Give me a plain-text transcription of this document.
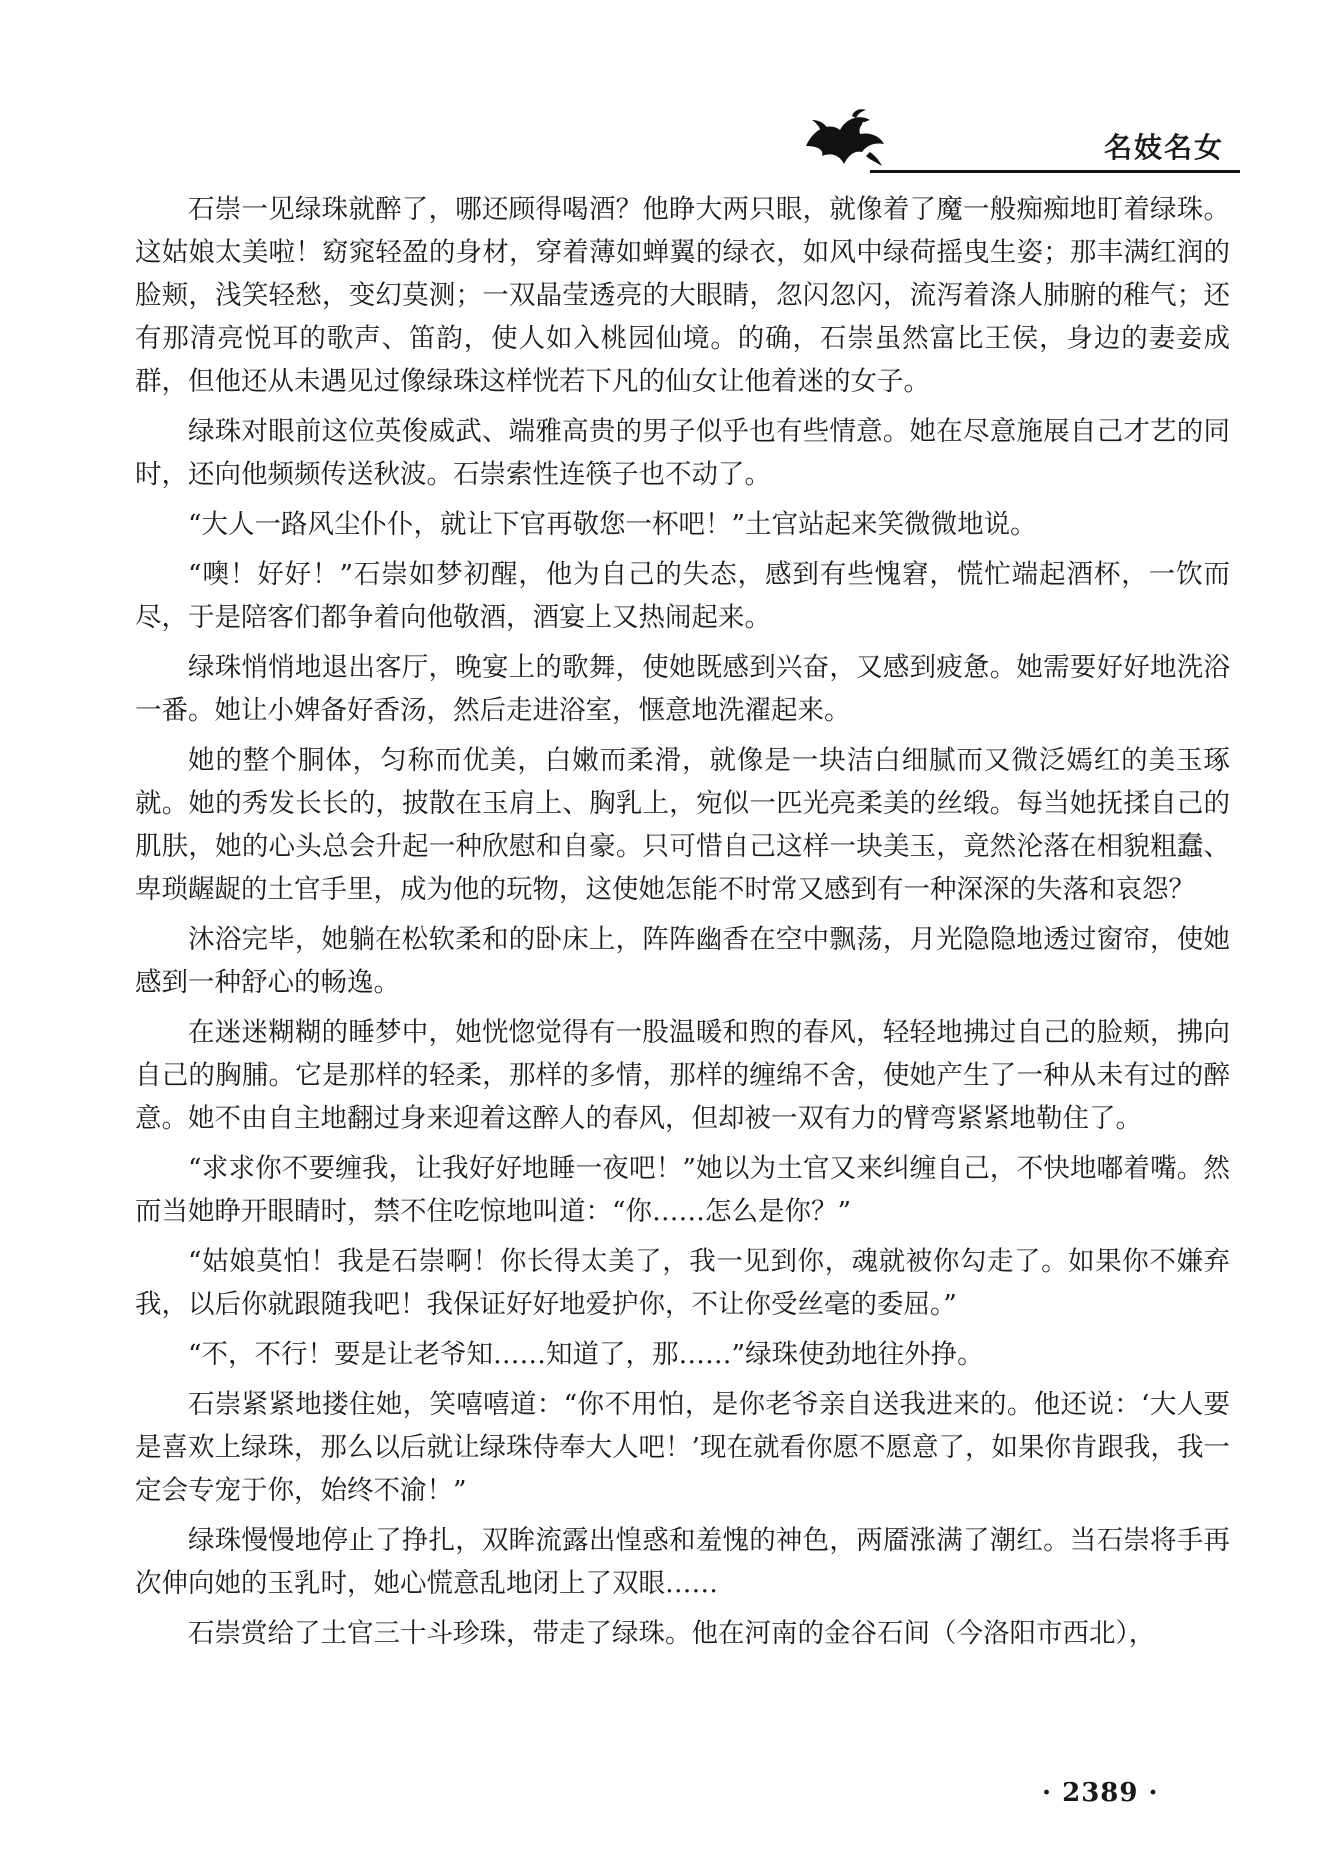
名妓名女

石崇一见绿珠就醉了，哪还顾得喝酒？他睁大两只眼，就像着了魔一般痴痴地盯着绿珠。这姑娘太美啦！窈窕轻盈的身材，穿着薄如蝉翼的绿衣，如风中绿荷摇曳生姿；那丰满红润的脸颊，浅笑轻愁，变幻莫测；一双晶莹透亮的大眼睛，忽闪忽闪，流泻着涤人肺腑的稚气；还有那清亮悦耳的歌声、笛韵，使人如入桃园仙境。的确，石崇虽然富比王侯，身边的妻妾成群，但他还从未遇见过像绿珠这样恍若下凡的仙女让他着迷的女子。

绿珠对眼前这位英俊威武、端雅高贵的男子似乎也有些情意。她在尽意施展自己才艺的同时，还向他频频传送秋波。石崇索性连筷子也不动了。

“大人一路风尘仆仆，就让下官再敬您一杯吧！”土官站起来笑微微地说。

“噢！好好！”石崇如梦初醒，他为自己的失态，感到有些愧窘，慌忙端起酒杯，一饮而尽，于是陪客们都争着向他敬酒，酒宴上又热闹起来。

绿珠悄悄地退出客厅，晚宴上的歌舞，使她既感到兴奋，又感到疲惫。她需要好好地洗浴一番。她让小婢备好香汤，然后走进浴室，惬意地洗濯起来。

她的整个胴体，匀称而优美，白嫩而柔滑，就像是一块洁白细腻而又微泛嫣红的美玉琢就。她的秀发长长的，披散在玉肩上、胸乳上，宛似一匹光亮柔美的丝缎。每当她抚揉自己的肌肤，她的心头总会升起一种欣慰和自豪。只可惜自己这样一块美玉，竟然沦落在相貌粗蠢、卑琐龌龊的土官手里，成为他的玩物，这使她怎能不时常又感到有一种深深的失落和哀怨？

沐浴完毕，她躺在松软柔和的卧床上，阵阵幽香在空中飘荡，月光隐隐地透过窗帘，使她感到一种舒心的畅逸。

在迷迷糊糊的睡梦中，她恍惚觉得有一股温暖和煦的春风，轻轻地拂过自己的脸颊，拂向自己的胸脯。它是那样的轻柔，那样的多情，那样的缠绵不舍，使她产生了一种从未有过的醉意。她不由自主地翻过身来迎着这醉人的春风，但却被一双有力的臂弯紧紧地勒住了。

“求求你不要缠我，让我好好地睡一夜吧！”她以为土官又来纠缠自己，不快地嘟着嘴。然而当她睁开眼睛时，禁不住吃惊地叫道：“你……怎么是你？”

“姑娘莫怕！我是石崇啊！你长得太美了，我一见到你，魂就被你勾走了。如果你不嫌弃我，以后你就跟随我吧！我保证好好地爱护你，不让你受丝毫的委屈。”

“不，不行！要是让老爷知……知道了，那……”绿珠使劲地往外挣。

石崇紧紧地搂住她，笑嘻嘻道：“你不用怕，是你老爷亲自送我进来的。他还说：‘大人要是喜欢上绿珠，那么以后就让绿珠侍奉大人吧！’现在就看你愿不愿意了，如果你肯跟我，我一定会专宠于你，始终不渝！”

绿珠慢慢地停止了挣扎，双眸流露出惶惑和羞愧的神色，两靥涨满了潮红。当石崇将手再次伸向她的玉乳时，她心慌意乱地闭上了双眼……

石崇赏给了土官三十斗珍珠，带走了绿珠。他在河南的金谷石间（今洛阳市西北），

· 2389 ·
